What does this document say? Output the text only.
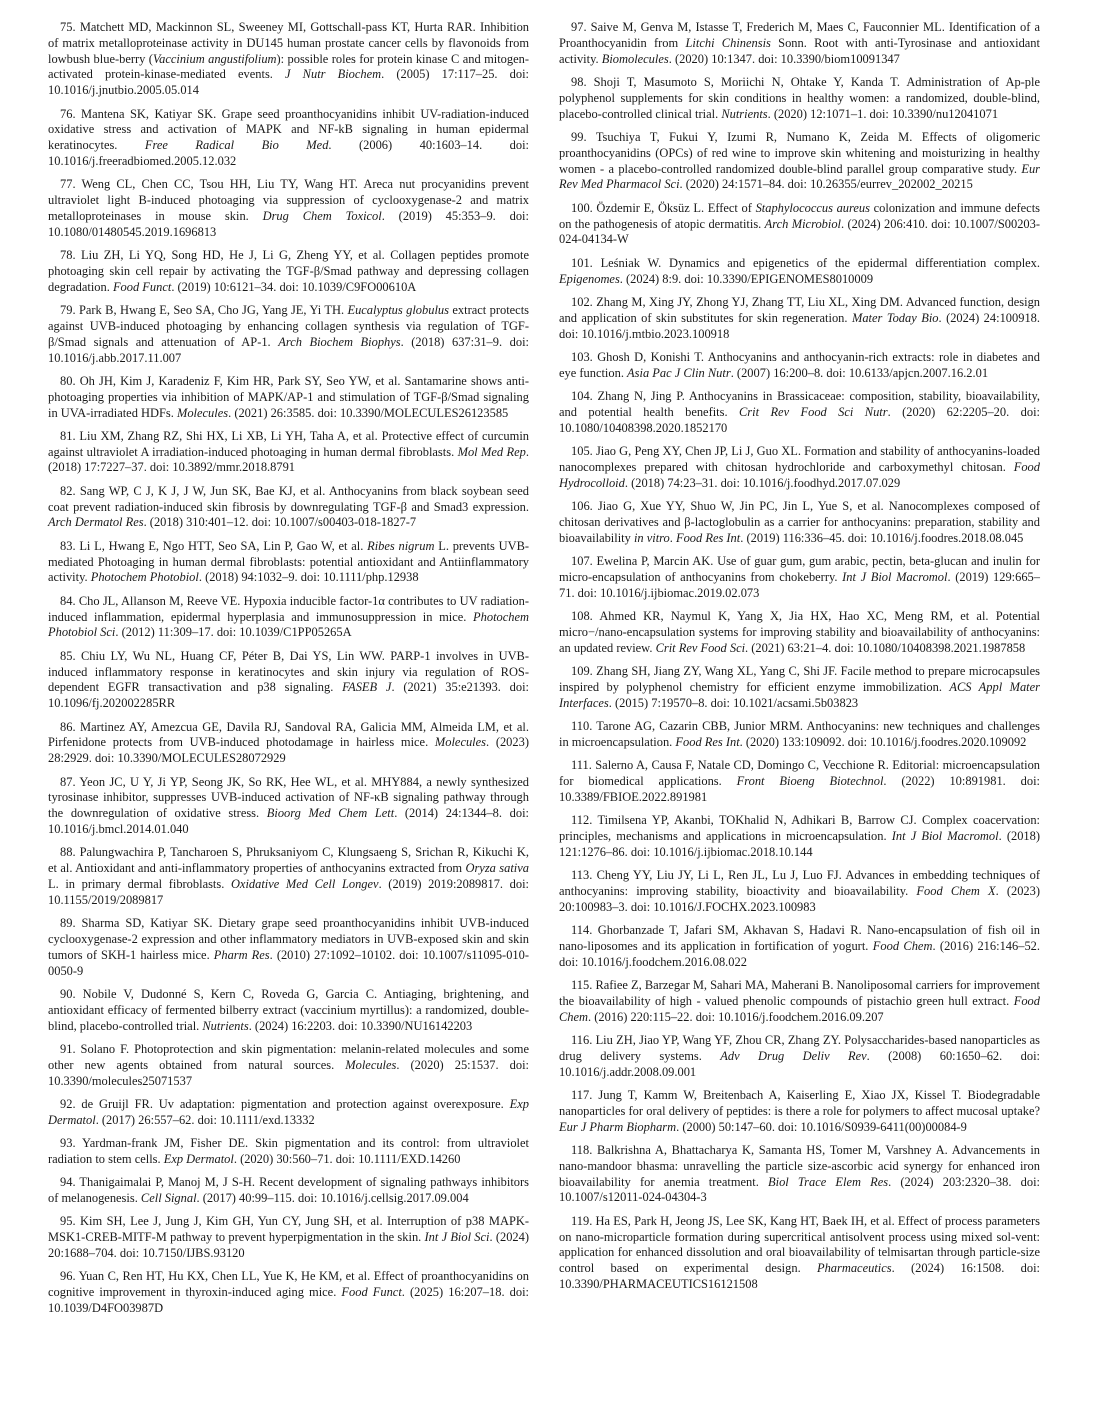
75. Matchett MD, Mackinnon SL, Sweeney MI, Gottschall-pass KT, Hurta RAR. Inhibition of matrix metalloproteinase activity in DU145 human prostate cancer cells by flavonoids from lowbush blue-berry (Vaccinium angustifolium): possible roles for protein kinase C and mitogen-activated protein-kinase-mediated events. J Nutr Biochem. (2005) 17:117–25. doi: 10.1016/j.jnutbio.2005.05.014

76. Mantena SK, Katiyar SK. Grape seed proanthocyanidins inhibit UV-radiation-induced oxidative stress and activation of MAPK and NF-kB signaling in human epidermal keratinocytes. Free Radical Bio Med. (2006) 40:1603–14. doi: 10.1016/j.freeradbiomed.2005.12.032

77. Weng CL, Chen CC, Tsou HH, Liu TY, Wang HT. Areca nut procyanidins prevent ultraviolet light B-induced photoaging via suppression of cyclooxygenase-2 and matrix metalloproteinases in mouse skin. Drug Chem Toxicol. (2019) 45:353–9. doi: 10.1080/01480545.2019.1696813

78. Liu ZH, Li YQ, Song HD, He J, Li G, Zheng YY, et al. Collagen peptides promote photoaging skin cell repair by activating the TGF-β/Smad pathway and depressing collagen degradation. Food Funct. (2019) 10:6121–34. doi: 10.1039/C9FO00610A

79. Park B, Hwang E, Seo SA, Cho JG, Yang JE, Yi TH. Eucalyptus globulus extract protects against UVB-induced photoaging by enhancing collagen synthesis via regulation of TGF-β/Smad signals and attenuation of AP-1. Arch Biochem Biophys. (2018) 637:31–9. doi: 10.1016/j.abb.2017.11.007

80. Oh JH, Kim J, Karadeniz F, Kim HR, Park SY, Seo YW, et al. Santamarine shows anti-photoaging properties via inhibition of MAPK/AP-1 and stimulation of TGF-β/Smad signaling in UVA-irradiated HDFs. Molecules. (2021) 26:3585. doi: 10.3390/MOLECULES26123585

81. Liu XM, Zhang RZ, Shi HX, Li XB, Li YH, Taha A, et al. Protective effect of curcumin against ultraviolet A irradiation-induced photoaging in human dermal fibroblasts. Mol Med Rep. (2018) 17:7227–37. doi: 10.3892/mmr.2018.8791

82. Sang WP, C J, K J, J W, Jun SK, Bae KJ, et al. Anthocyanins from black soybean seed coat prevent radiation-induced skin fibrosis by downregulating TGF-β and Smad3 expression. Arch Dermatol Res. (2018) 310:401–12. doi: 10.1007/s00403-018-1827-7

83. Li L, Hwang E, Ngo HTT, Seo SA, Lin P, Gao W, et al. Ribes nigrum L. prevents UVB-mediated Photoaging in human dermal fibroblasts: potential antioxidant and Antiinflammatory activity. Photochem Photobiol. (2018) 94:1032–9. doi: 10.1111/php.12938

84. Cho JL, Allanson M, Reeve VE. Hypoxia inducible factor-1α contributes to UV radiation-induced inflammation, epidermal hyperplasia and immunosuppression in mice. Photochem Photobiol Sci. (2012) 11:309–17. doi: 10.1039/C1PP05265A

85. Chiu LY, Wu NL, Huang CF, Péter B, Dai YS, Lin WW. PARP-1 involves in UVB-induced inflammatory response in keratinocytes and skin injury via regulation of ROS-dependent EGFR transactivation and p38 signaling. FASEB J. (2021) 35:e21393. doi: 10.1096/fj.202002285RR

86. Martinez AY, Amezcua GE, Davila RJ, Sandoval RA, Galicia MM, Almeida LM, et al. Pirfenidone protects from UVB-induced photodamage in hairless mice. Molecules. (2023) 28:2929. doi: 10.3390/MOLECULES28072929

87. Yeon JC, U Y, Ji YP, Seong JK, So RK, Hee WL, et al. MHY884, a newly synthesized tyrosinase inhibitor, suppresses UVB-induced activation of NF-κB signaling pathway through the downregulation of oxidative stress. Bioorg Med Chem Lett. (2014) 24:1344–8. doi: 10.1016/j.bmcl.2014.01.040

88. Palungwachira P, Tancharoen S, Phruksaniyom C, Klungsaeng S, Srichan R, Kikuchi K, et al. Antioxidant and anti-inflammatory properties of anthocyanins extracted from Oryza sativa L. in primary dermal fibroblasts. Oxidative Med Cell Longev. (2019) 2019:2089817. doi: 10.1155/2019/2089817

89. Sharma SD, Katiyar SK. Dietary grape seed proanthocyanidins inhibit UVB-induced cyclooxygenase-2 expression and other inflammatory mediators in UVB-exposed skin and skin tumors of SKH-1 hairless mice. Pharm Res. (2010) 27:1092–10102. doi: 10.1007/s11095-010-0050-9

90. Nobile V, Dudonné S, Kern C, Roveda G, Garcia C. Antiaging, brightening, and antioxidant efficacy of fermented bilberry extract (vaccinium myrtillus): a randomized, double-blind, placebo-controlled trial. Nutrients. (2024) 16:2203. doi: 10.3390/NU16142203

91. Solano F. Photoprotection and skin pigmentation: melanin-related molecules and some other new agents obtained from natural sources. Molecules. (2020) 25:1537. doi: 10.3390/molecules25071537

92. de Gruijl FR. Uv adaptation: pigmentation and protection against overexposure. Exp Dermatol. (2017) 26:557–62. doi: 10.1111/exd.13332

93. Yardman-frank JM, Fisher DE. Skin pigmentation and its control: from ultraviolet radiation to stem cells. Exp Dermatol. (2020) 30:560–71. doi: 10.1111/EXD.14260

94. Thanigaimalai P, Manoj M, J S-H. Recent development of signaling pathways inhibitors of melanogenesis. Cell Signal. (2017) 40:99–115. doi: 10.1016/j.cellsig.2017.09.004

95. Kim SH, Lee J, Jung J, Kim GH, Yun CY, Jung SH, et al. Interruption of p38 MAPK-MSK1-CREB-MITF-M pathway to prevent hyperpigmentation in the skin. Int J Biol Sci. (2024) 20:1688–704. doi: 10.7150/IJBS.93120

96. Yuan C, Ren HT, Hu KX, Chen LL, Yue K, He KM, et al. Effect of proanthocyanidins on cognitive improvement in thyroxin-induced aging mice. Food Funct. (2025) 16:207–18. doi: 10.1039/D4FO03987D

97. Saive M, Genva M, Istasse T, Frederich M, Maes C, Fauconnier ML. Identification of a Proanthocyanidin from Litchi Chinensis Sonn. Root with anti-Tyrosinase and antioxidant activity. Biomolecules. (2020) 10:1347. doi: 10.3390/biom10091347

98. Shoji T, Masumoto S, Moriichi N, Ohtake Y, Kanda T. Administration of Ap-ple polyphenol supplements for skin conditions in healthy women: a randomized, double-blind, placebo-controlled clinical trial. Nutrients. (2020) 12:1071–1. doi: 10.3390/nu12041071

99. Tsuchiya T, Fukui Y, Izumi R, Numano K, Zeida M. Effects of oligomeric proanthocyanidins (OPCs) of red wine to improve skin whitening and moisturizing in healthy women - a placebo-controlled randomized double-blind parallel group comparative study. Eur Rev Med Pharmacol Sci. (2020) 24:1571–84. doi: 10.26355/eurrev_202002_20215

100. Özdemir E, Öksüz L. Effect of Staphylococcus aureus colonization and immune defects on the pathogenesis of atopic dermatitis. Arch Microbiol. (2024) 206:410. doi: 10.1007/S00203-024-04134-W

101. Leśniak W. Dynamics and epigenetics of the epidermal differentiation complex. Epigenomes. (2024) 8:9. doi: 10.3390/EPIGENOMES8010009

102. Zhang M, Xing JY, Zhong YJ, Zhang TT, Liu XL, Xing DM. Advanced function, design and application of skin substitutes for skin regeneration. Mater Today Bio. (2024) 24:100918. doi: 10.1016/j.mtbio.2023.100918

103. Ghosh D, Konishi T. Anthocyanins and anthocyanin-rich extracts: role in diabetes and eye function. Asia Pac J Clin Nutr. (2007) 16:200–8. doi: 10.6133/apjcn.2007.16.2.01

104. Zhang N, Jing P. Anthocyanins in Brassicaceae: composition, stability, bioavailability, and potential health benefits. Crit Rev Food Sci Nutr. (2020) 62:2205–20. doi: 10.1080/10408398.2020.1852170

105. Jiao G, Peng XY, Chen JP, Li J, Guo XL. Formation and stability of anthocyanins-loaded nanocomplexes prepared with chitosan hydrochloride and carboxymethyl chitosan. Food Hydrocolloid. (2018) 74:23–31. doi: 10.1016/j.foodhyd.2017.07.029

106. Jiao G, Xue YY, Shuo W, Jin PC, Jin L, Yue S, et al. Nanocomplexes composed of chitosan derivatives and β-lactoglobulin as a carrier for anthocyanins: preparation, stability and bioavailability in vitro. Food Res Int. (2019) 116:336–45. doi: 10.1016/j.foodres.2018.08.045

107. Ewelina P, Marcin AK. Use of guar gum, gum arabic, pectin, beta-glucan and inulin for micro-encapsulation of anthocyanins from chokeberry. Int J Biol Macromol. (2019) 129:665–71. doi: 10.1016/j.ijbiomac.2019.02.073

108. Ahmed KR, Naymul K, Yang X, Jia HX, Hao XC, Meng RM, et al. Potential micro−/nano-encapsulation systems for improving stability and bioavailability of anthocyanins: an updated review. Crit Rev Food Sci. (2021) 63:21–4. doi: 10.1080/10408398.2021.1987858

109. Zhang SH, Jiang ZY, Wang XL, Yang C, Shi JF. Facile method to prepare microcapsules inspired by polyphenol chemistry for efficient enzyme immobilization. ACS Appl Mater Interfaces. (2015) 7:19570–8. doi: 10.1021/acsami.5b03823

110. Tarone AG, Cazarin CBB, Junior MRM. Anthocyanins: new techniques and challenges in microencapsulation. Food Res Int. (2020) 133:109092. doi: 10.1016/j.foodres.2020.109092

111. Salerno A, Causa F, Natale CD, Domingo C, Vecchione R. Editorial: microencapsulation for biomedical applications. Front Bioeng Biotechnol. (2022) 10:891981. doi: 10.3389/FBIOE.2022.891981

112. Timilsena YP, Akanbi, TOKhalid N, Adhikari B, Barrow CJ. Complex coacervation: principles, mechanisms and applications in microencapsulation. Int J Biol Macromol. (2018) 121:1276–86. doi: 10.1016/j.ijbiomac.2018.10.144

113. Cheng YY, Liu JY, Li L, Ren JL, Lu J, Luo FJ. Advances in embedding techniques of anthocyanins: improving stability, bioactivity and bioavailability. Food Chem X. (2023) 20:100983–3. doi: 10.1016/J.FOCHX.2023.100983

114. Ghorbanzade T, Jafari SM, Akhavan S, Hadavi R. Nano-encapsulation of fish oil in nano-liposomes and its application in fortification of yogurt. Food Chem. (2016) 216:146–52. doi: 10.1016/j.foodchem.2016.08.022

115. Rafiee Z, Barzegar M, Sahari MA, Maherani B. Nanoliposomal carriers for improvement the bioavailability of high - valued phenolic compounds of pistachio green hull extract. Food Chem. (2016) 220:115–22. doi: 10.1016/j.foodchem.2016.09.207

116. Liu ZH, Jiao YP, Wang YF, Zhou CR, Zhang ZY. Polysaccharides-based nanoparticles as drug delivery systems. Adv Drug Deliv Rev. (2008) 60:1650–62. doi: 10.1016/j.addr.2008.09.001

117. Jung T, Kamm W, Breitenbach A, Kaiserling E, Xiao JX, Kissel T. Biodegradable nanoparticles for oral delivery of peptides: is there a role for polymers to affect mucosal uptake? Eur J Pharm Biopharm. (2000) 50:147–60. doi: 10.1016/S0939-6411(00)00084-9

118. Balkrishna A, Bhattacharya K, Samanta HS, Tomer M, Varshney A. Advancements in nano-mandoor bhasma: unravelling the particle size-ascorbic acid synergy for enhanced iron bioavailability for anemia treatment. Biol Trace Elem Res. (2024) 203:2320–38. doi: 10.1007/s12011-024-04304-3

119. Ha ES, Park H, Jeong JS, Lee SK, Kang HT, Baek IH, et al. Effect of process parameters on nano-microparticle formation during supercritical antisolvent process using mixed sol-vent: application for enhanced dissolution and oral bioavailability of telmisartan through particle-size control based on experimental design. Pharmaceutics. (2024) 16:1508. doi: 10.3390/PHARMACEUTICS16121508
